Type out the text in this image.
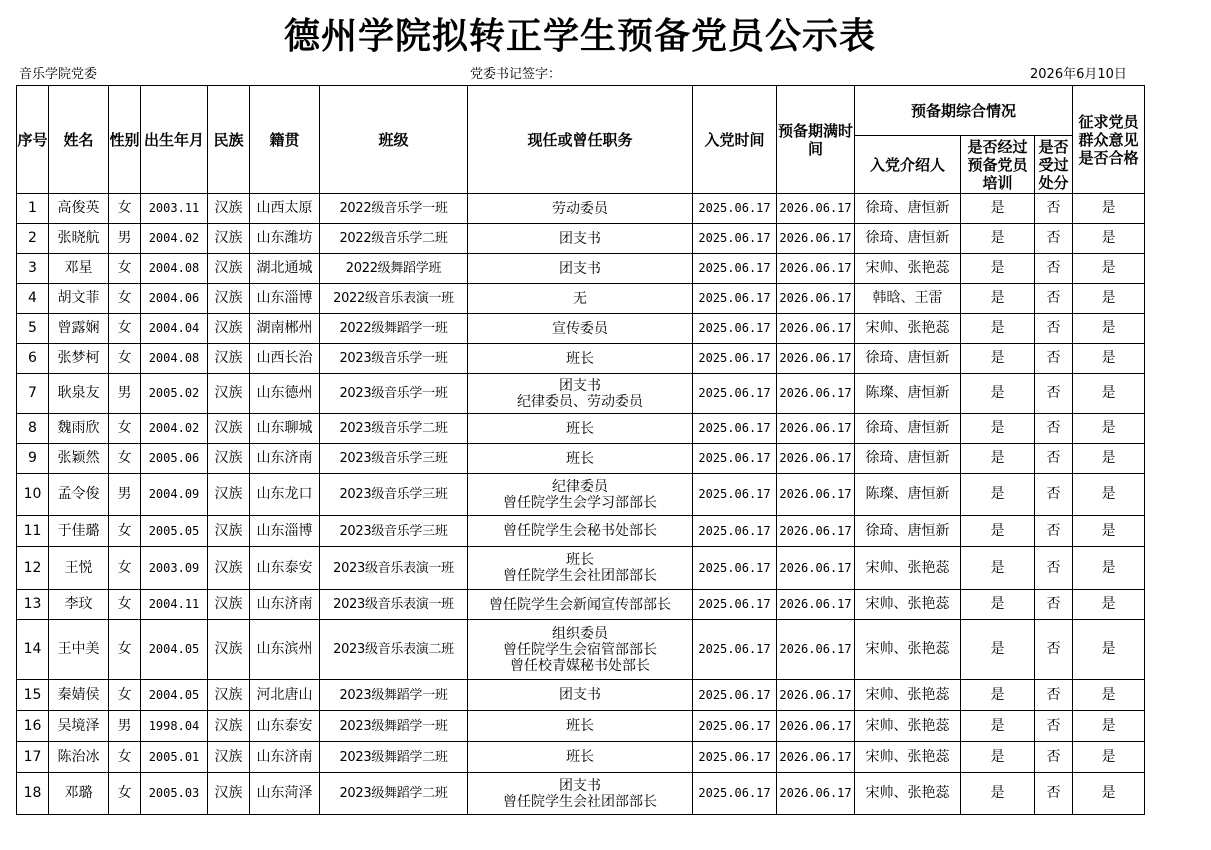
德州学院拟转正学生预备党员公示表
音乐学院党委	党委书记签字：	2026年6月10日
序号	姓名	性别	出生年月	民族	籍贯	班级	现任或曾任职务	入党时间	预备期满时间	预备期综合情况			征求党员群众意见是否合格
										入党介绍人	是否经过预备党员培训	是否受过处分	
1	高俊英	女	2003.11	汉族	山西太原	2022级音乐学一班	劳动委员	2025.06.17	2026.06.17	徐琦、唐恒新	是	否	是
2	张晓航	男	2004.02	汉族	山东潍坊	2022级音乐学二班	团支书	2025.06.17	2026.06.17	徐琦、唐恒新	是	否	是
3	邓星	女	2004.08	汉族	湖北通城	2022级舞蹈学班	团支书	2025.06.17	2026.06.17	宋帅、张艳蕊	是	否	是
4	胡文菲	女	2004.06	汉族	山东淄博	2022级音乐表演一班	无	2025.06.17	2026.06.17	韩晗、王雷	是	否	是
5	曾露娴	女	2004.04	汉族	湖南郴州	2022级舞蹈学一班	宣传委员	2025.06.17	2026.06.17	宋帅、张艳蕊	是	否	是
6	张梦柯	女	2004.08	汉族	山西长治	2023级音乐学一班	班长	2025.06.17	2026.06.17	徐琦、唐恒新	是	否	是
7	耿泉友	男	2005.02	汉族	山东德州	2023级音乐学一班	团支书
纪律委员、劳动委员	2025.06.17	2026.06.17	陈璨、唐恒新	是	否	是
8	魏雨欣	女	2004.02	汉族	山东聊城	2023级音乐学二班	班长	2025.06.17	2026.06.17	徐琦、唐恒新	是	否	是
9	张颖然	女	2005.06	汉族	山东济南	2023级音乐学三班	班长	2025.06.17	2026.06.17	徐琦、唐恒新	是	否	是
10	孟令俊	男	2004.09	汉族	山东龙口	2023级音乐学三班	纪律委员
曾任院学生会学习部部长	2025.06.17	2026.06.17	陈璨、唐恒新	是	否	是
11	于佳璐	女	2005.05	汉族	山东淄博	2023级音乐学三班	曾任院学生会秘书处部长	2025.06.17	2026.06.17	徐琦、唐恒新	是	否	是
12	王悦	女	2003.09	汉族	山东泰安	2023级音乐表演一班	班长
曾任院学生会社团部部长	2025.06.17	2026.06.17	宋帅、张艳蕊	是	否	是
13	李玟	女	2004.11	汉族	山东济南	2023级音乐表演一班	曾任院学生会新闻宣传部部长	2025.06.17	2026.06.17	宋帅、张艳蕊	是	否	是
14	王中美	女	2004.05	汉族	山东滨州	2023级音乐表演二班	组织委员
曾任院学生会宿管部部长
曾任校青媒秘书处部长	2025.06.17	2026.06.17	宋帅、张艳蕊	是	否	是
15	秦婧侯	女	2004.05	汉族	河北唐山	2023级舞蹈学一班	团支书	2025.06.17	2026.06.17	宋帅、张艳蕊	是	否	是
16	吴境泽	男	1998.04	汉族	山东泰安	2023级舞蹈学一班	班长	2025.06.17	2026.06.17	宋帅、张艳蕊	是	否	是
17	陈治冰	女	2005.01	汉族	山东济南	2023级舞蹈学二班	班长	2025.06.17	2026.06.17	宋帅、张艳蕊	是	否	是
18	邓璐	女	2005.03	汉族	山东菏泽	2023级舞蹈学二班	团支书
曾任院学生会社团部部长	2025.06.17	2026.06.17	宋帅、张艳蕊	是	否	是
